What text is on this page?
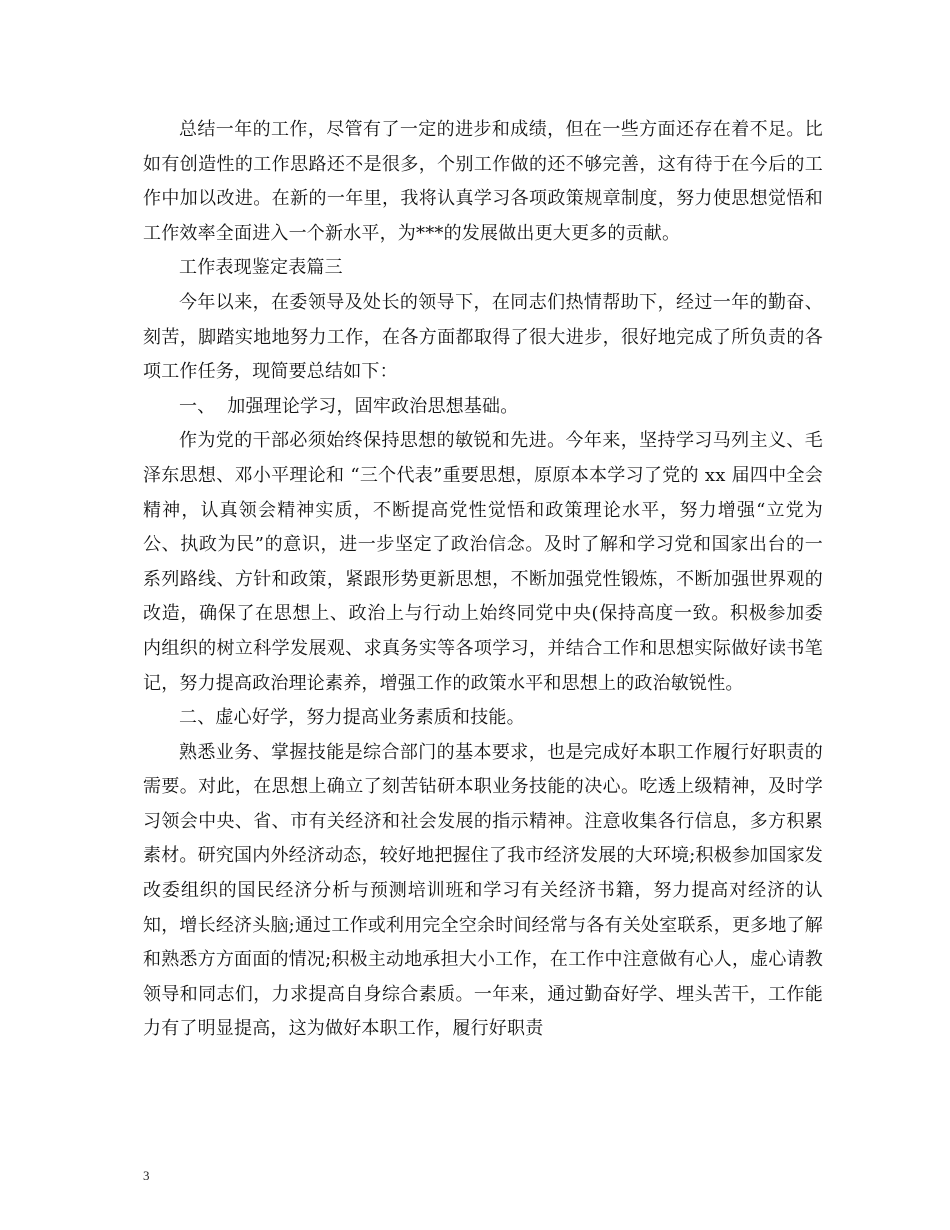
总结一年的工作，尽管有了一定的进步和成绩，但在一些方面还存在着不足。比如有创造性的工作思路还不是很多，个别工作做的还不够完善，这有待于在今后的工作中加以改进。在新的一年里，我将认真学习各项政策规章制度，努力使思想觉悟和工作效率全面进入一个新水平，为***的发展做出更大更多的贡献。

工作表现鉴定表篇三

今年以来，在委领导及处长的领导下，在同志们热情帮助下，经过一年的勤奋、刻苦，脚踏实地地努力工作，在各方面都取得了很大进步，很好地完成了所负责的各项工作任务，现简要总结如下：

一、  加强理论学习，固牢政治思想基础。

作为党的干部必须始终保持思想的敏锐和先进。今年来，坚持学习马列主义、毛泽东思想、邓小平理论和 “三个代表”重要思想，原原本本学习了党的 xx 届四中全会精神，认真领会精神实质，不断提高党性觉悟和政策理论水平，努力增强“立党为公、执政为民”的意识，进一步坚定了政治信念。及时了解和学习党和国家出台的一系列路线、方针和政策，紧跟形势更新思想，不断加强党性锻炼，不断加强世界观的改造，确保了在思想上、政治上与行动上始终同党中央(保持高度一致。积极参加委内组织的树立科学发展观、求真务实等各项学习，并结合工作和思想实际做好读书笔记，努力提高政治理论素养，增强工作的政策水平和思想上的政治敏锐性。

二、虚心好学，努力提高业务素质和技能。

熟悉业务、掌握技能是综合部门的基本要求，也是完成好本职工作履行好职责的需要。对此，在思想上确立了刻苦钻研本职业务技能的决心。吃透上级精神，及时学习领会中央、省、市有关经济和社会发展的指示精神。注意收集各行信息，多方积累素材。研究国内外经济动态，较好地把握住了我市经济发展的大环境;积极参加国家发改委组织的国民经济分析与预测培训班和学习有关经济书籍，努力提高对经济的认知，增长经济头脑;通过工作或利用完全空余时间经常与各有关处室联系，更多地了解和熟悉方方面面的情况;积极主动地承担大小工作，在工作中注意做有心人，虚心请教领导和同志们，力求提高自身综合素质。一年来，通过勤奋好学、埋头苦干，工作能力有了明显提高，这为做好本职工作，履行好职责

3
